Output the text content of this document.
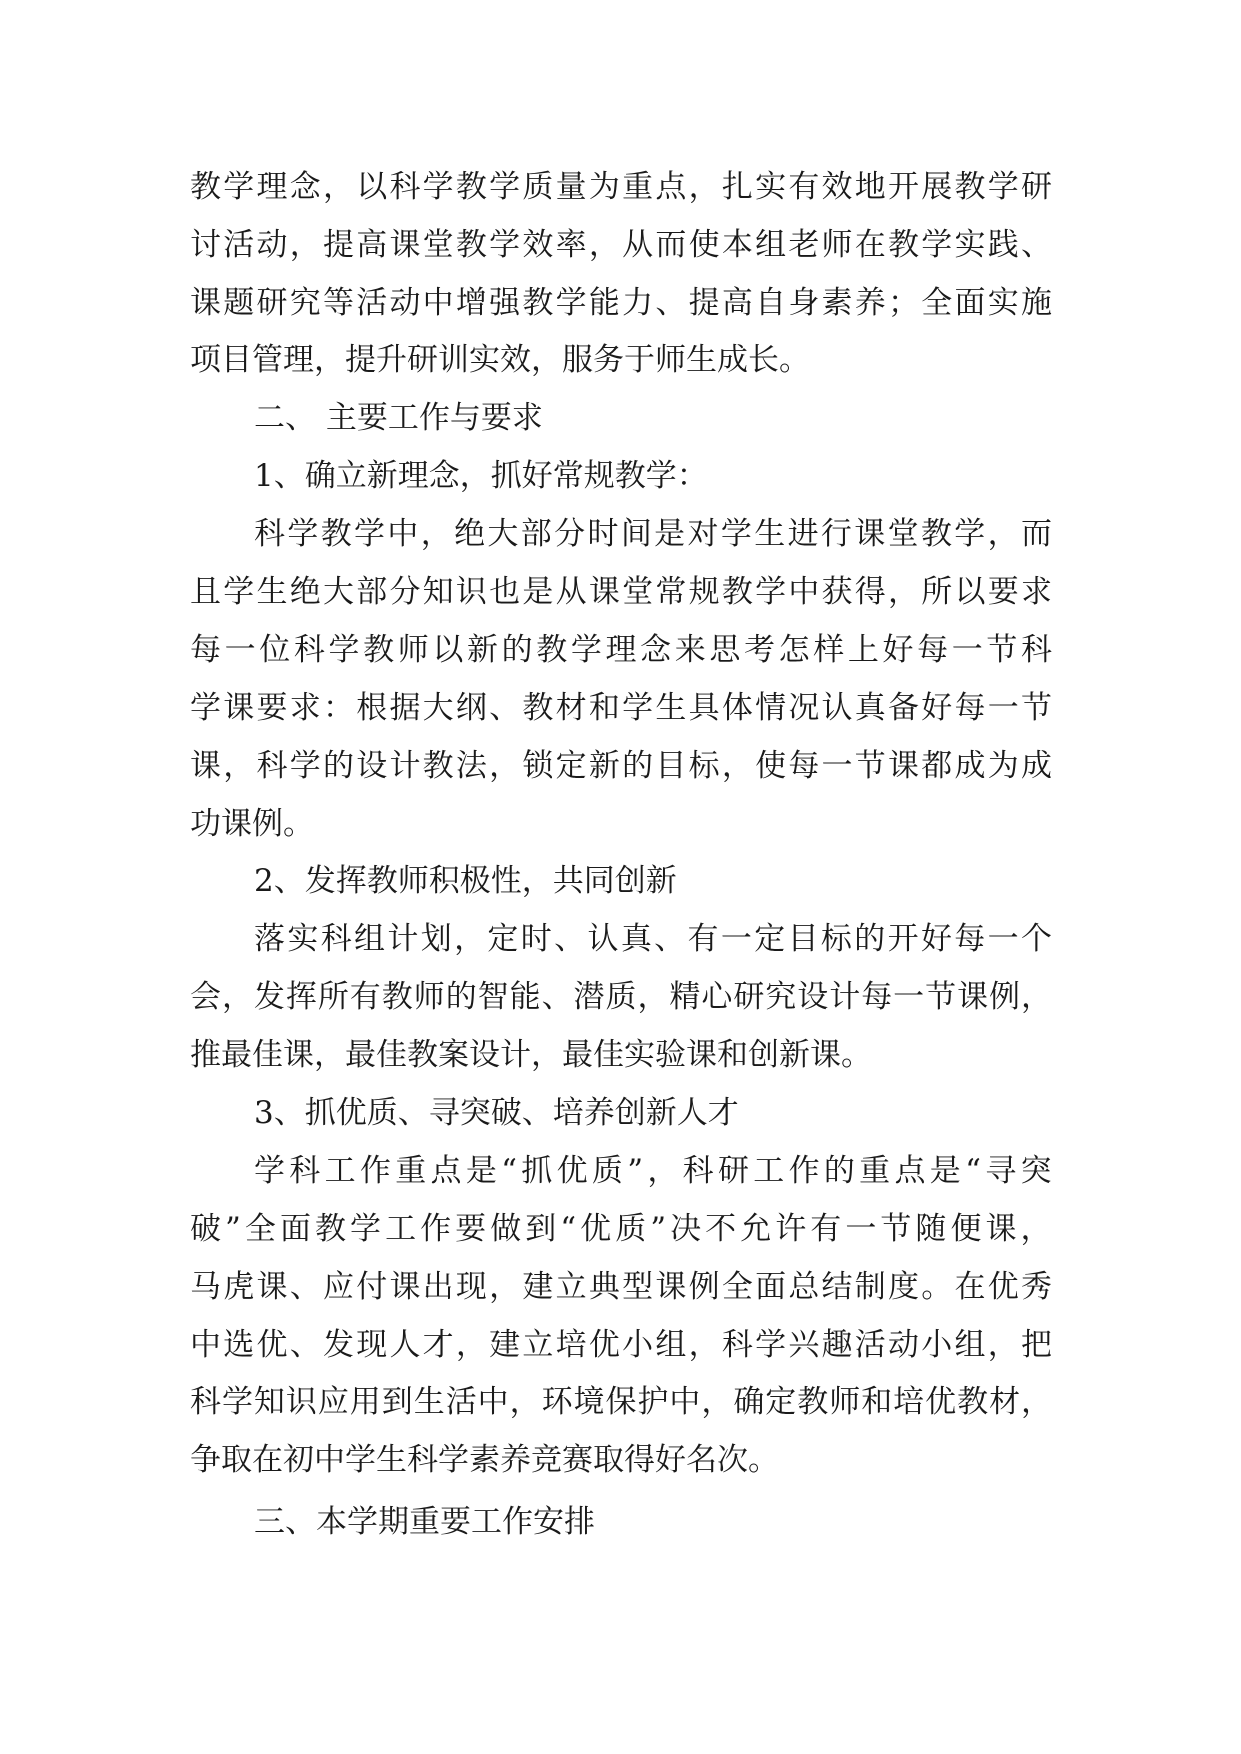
教学理念，以科学教学质量为重点，扎实有效地开展教学研

讨活动，提高课堂教学效率，从而使本组老师在教学实践、

课题研究等活动中增强教学能力、提高自身素养；全面实施

项目管理，提升研训实效，服务于师生成长。

二、 主要工作与要求

1、确立新理念，抓好常规教学：

科学教学中，绝大部分时间是对学生进行课堂教学，而

且学生绝大部分知识也是从课堂常规教学中获得，所以要求

每一位科学教师以新的教学理念来思考怎样上好每一节科

学课要求：根据大纲、教材和学生具体情况认真备好每一节

课，科学的设计教法，锁定新的目标，使每一节课都成为成

功课例。

2、发挥教师积极性，共同创新

落实科组计划，定时、认真、有一定目标的开好每一个

会，发挥所有教师的智能、潜质，精心研究设计每一节课例，

推最佳课，最佳教案设计，最佳实验课和创新课。

3、抓优质、寻突破、培养创新人才

学科工作重点是“抓优质”，科研工作的重点是“寻突

破”全面教学工作要做到“优质”决不允许有一节随便课，

马虎课、应付课出现，建立典型课例全面总结制度。在优秀

中选优、发现人才，建立培优小组，科学兴趣活动小组，把

科学知识应用到生活中，环境保护中，确定教师和培优教材，

争取在初中学生科学素养竞赛取得好名次。

三、本学期重要工作安排
